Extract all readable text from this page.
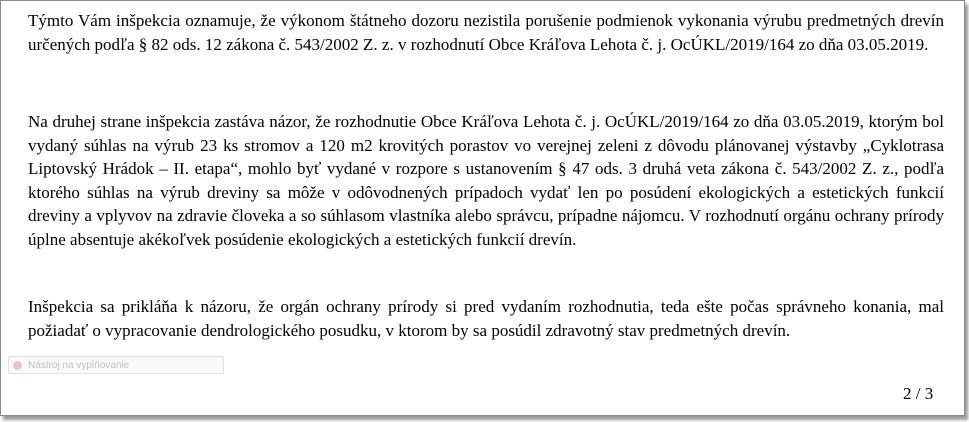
Týmto Vám inšpekcia oznamuje, že výkonom štátneho dozoru nezistila porušenie podmienok vykonania výrubu predmetných drevín určených podľa § 82 ods. 12 zákona č. 543/2002 Z. z. v rozhodnutí Obce Kráľova Lehota č. j. OcÚKL/2019/164 zo dňa 03.05.2019.

Na druhej strane inšpekcia zastáva názor, že rozhodnutie Obce Kráľova Lehota č. j. OcÚKL/2019/164 zo dňa 03.05.2019, ktorým bol vydaný súhlas na výrub 23 ks stromov a 120 m2 krovitých porastov vo verejnej zeleni z dôvodu plánovanej výstavby „Cyklotrasa Liptovský Hrádok – II. etapa“, mohlo byť vydané v rozpore s ustanovením § 47 ods. 3 druhá veta zákona č. 543/2002 Z. z., podľa ktorého súhlas na výrub dreviny sa môže v odôvodnených prípadoch vydať len po posúdení ekologických a estetických funkcií dreviny a vplyvov na zdravie človeka a so súhlasom vlastníka alebo správcu, prípadne nájomcu. V rozhodnutí orgánu ochrany prírody úplne absentuje akékoľvek posúdenie ekologických a estetických funkcií drevín.

Inšpekcia sa prikláňa k názoru, že orgán ochrany prírody si pred vydaním rozhodnutia, teda ešte počas správneho konania, mal požiadať o vypracovanie dendrologického posudku, v ktorom by sa posúdil zdravotný stav predmetných drevín.

Nástroj na vyplňovanie
2 / 3
